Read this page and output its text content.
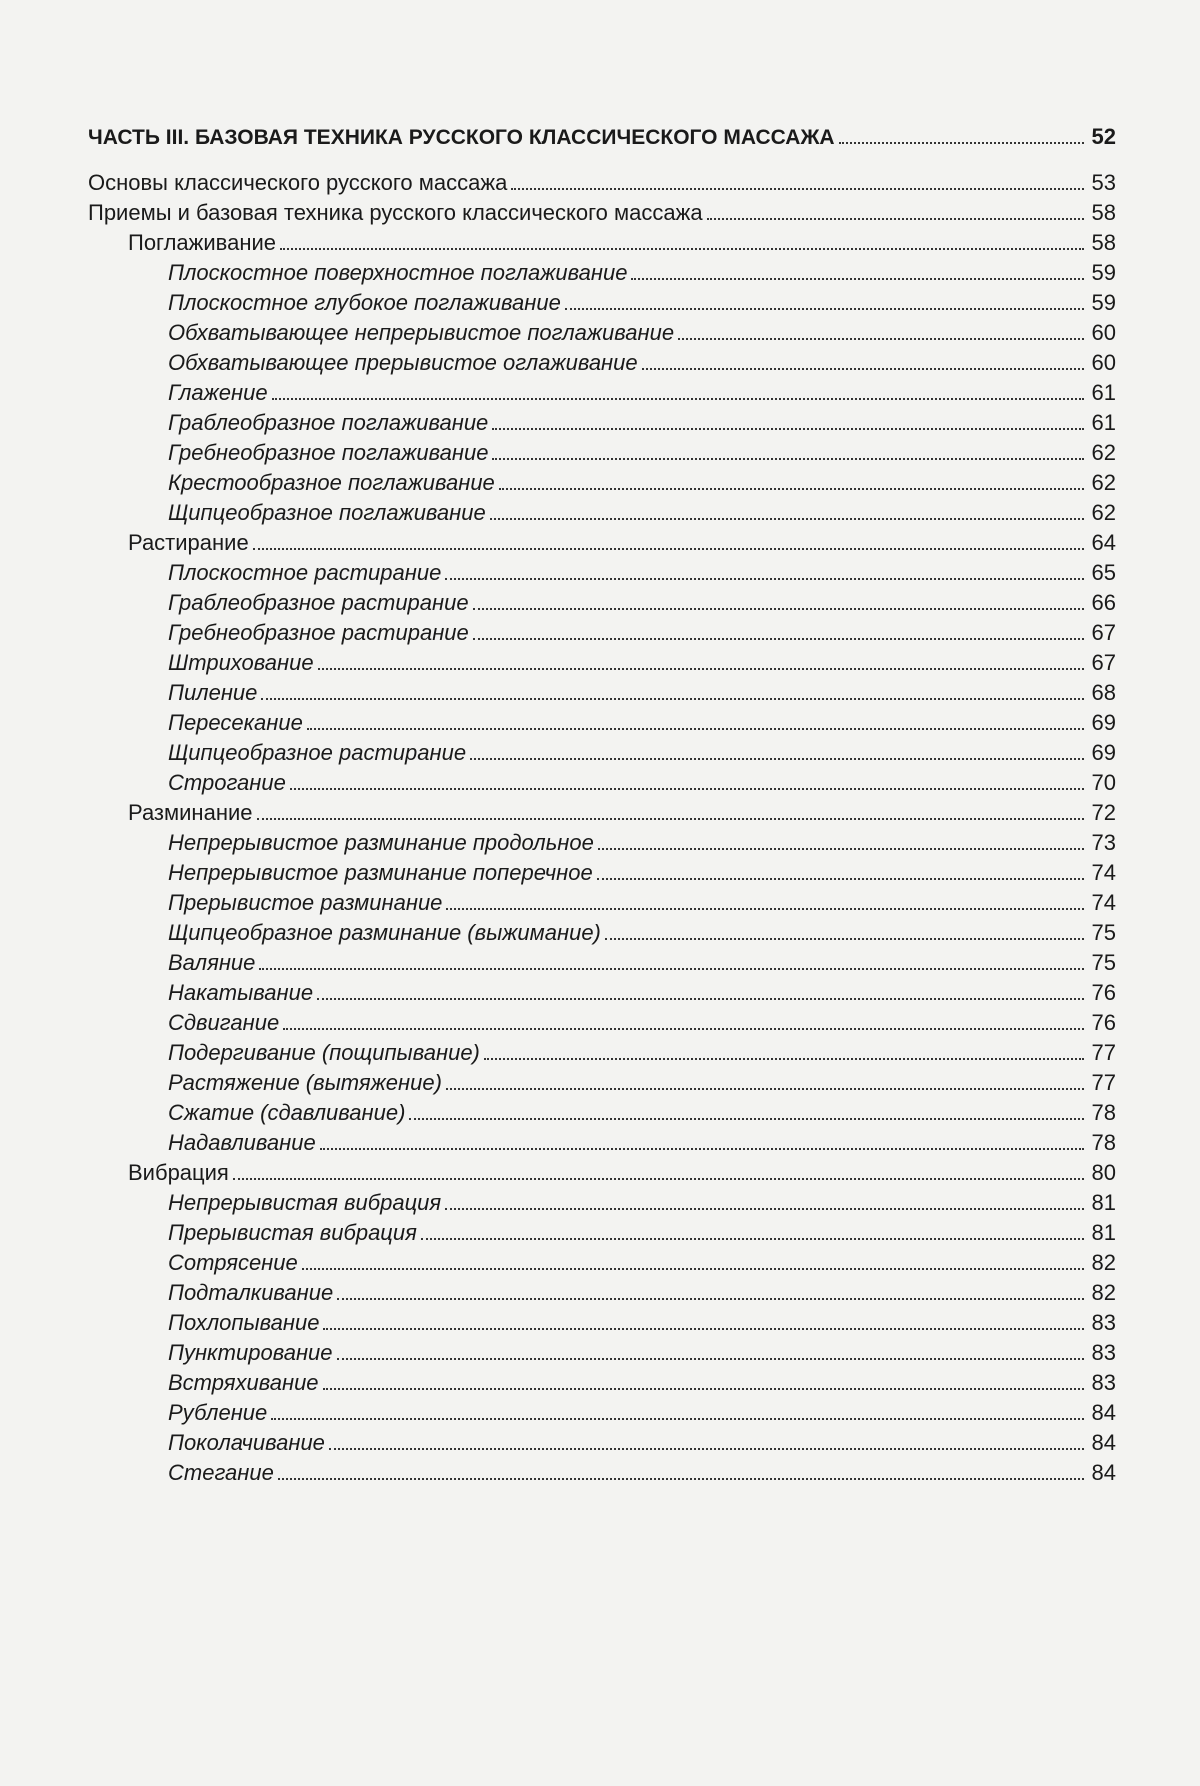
ЧАСТЬ III. БАЗОВАЯ ТЕХНИКА РУССКОГО КЛАССИЧЕСКОГО МАССАЖА	52
Основы классического русского массажа	53
Приемы и базовая техника русского классического массажа	58
Поглаживание	58
Плоскостное поверхностное поглаживание	59
Плоскостное глубокое поглаживание	59
Обхватывающее непрерывистое поглаживание	60
Обхватывающее прерывистое оглаживание	60
Глажение	61
Граблеобразное поглаживание	61
Гребнеобразное поглаживание	62
Крестообразное поглаживание	62
Щипцеобразное поглаживание	62
Растирание	64
Плоскостное растирание	65
Граблеобразное растирание	66
Гребнеобразное растирание	67
Штрихование	67
Пиление	68
Пересекание	69
Щипцеобразное растирание	69
Строгание	70
Разминание	72
Непрерывистое разминание продольное	73
Непрерывистое разминание поперечное	74
Прерывистое разминание	74
Щипцеобразное разминание (выжимание)	75
Валяние	75
Накатывание	76
Сдвигание	76
Подергивание (пощипывание)	77
Растяжение (вытяжение)	77
Сжатие (сдавливание)	78
Надавливание	78
Вибрация	80
Непрерывистая вибрация	81
Прерывистая вибрация	81
Сотрясение	82
Подталкивание	82
Похлопывание	83
Пунктирование	83
Встряхивание	83
Рубление	84
Поколачивание	84
Стегание	84
